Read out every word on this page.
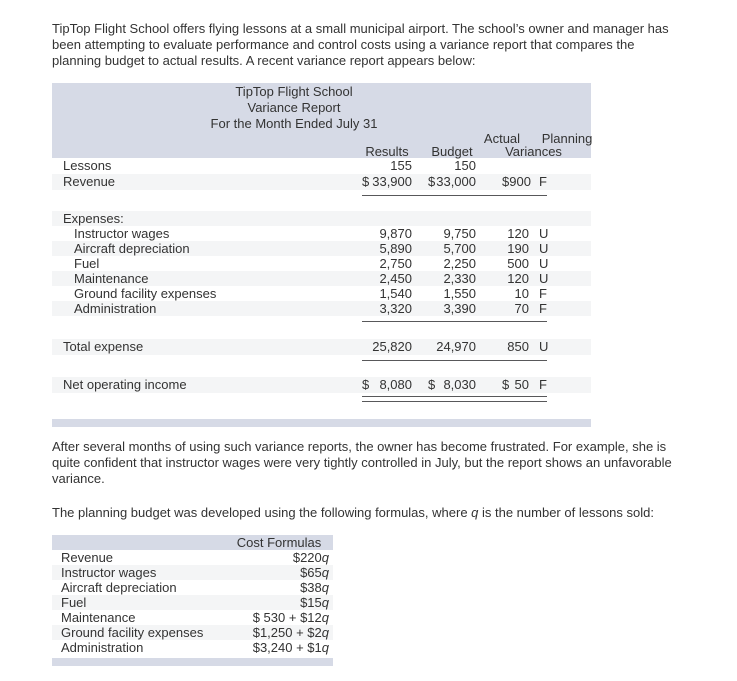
TipTop Flight School offers flying lessons at a small municipal airport. The school’s owner and manager has been attempting to evaluate performance and control costs using a variance report that compares the planning budget to actual results. A recent variance report appears below:

TipTop Flight School
Variance Report
For the Month Ended July 31
Actual	Planning
Results Budget	Variances
Lessons	155	150
Revenue	$ 33,900 $ 33,000 $ 900 F
Expenses:
Instructor wages	9,870 9,750 120 U
Aircraft depreciation	5,890 5,700 190 U
Fuel	2,750 2,250 500 U
Maintenance	2,450 2,330 120 U
Ground facility expenses	1,540 1,550	10 F
Administration	3,320 3,390	70 F
Total expense	25,820 24,970 850 U
Net operating income	$ 8,080 $ 8,030 $ 50 F

After several months of using such variance reports, the owner has become frustrated. For example, she is quite confident that instructor wages were very tightly controlled in July, but the report shows an unfavorable variance.

The planning budget was developed using the following formulas, where q is the number of lessons sold:

Cost Formulas
Revenue	$220q
Instructor wages	$65q
Aircraft depreciation	$38q
Fuel	$15q
Maintenance	$ 530 + $12q
Ground facility expenses	$1,250 + $2q
Administration	$3,240 + $1q
